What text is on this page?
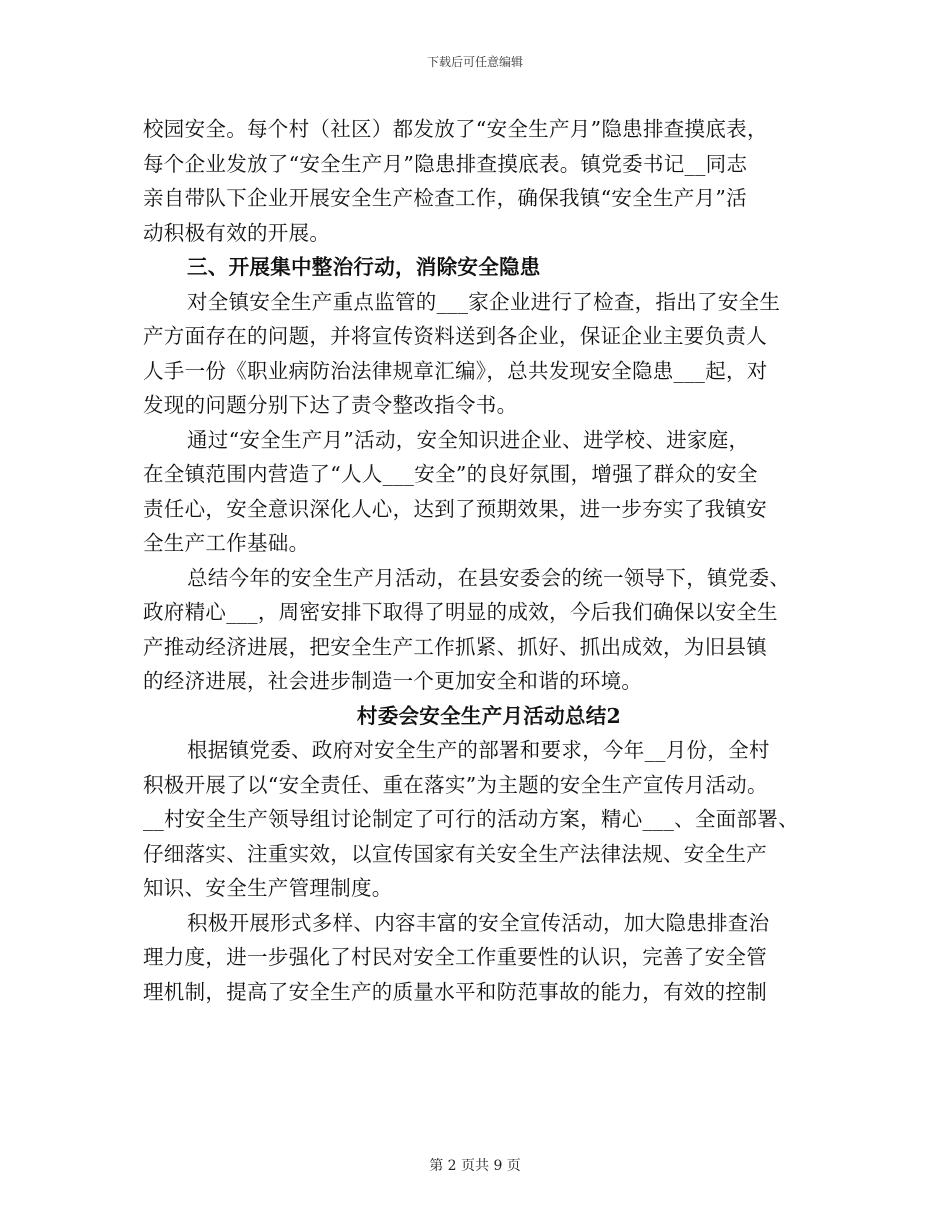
下载后可任意编辑
校园安全。每个村（社区）都发放了“安全生产月”隐患排查摸底表，
每个企业发放了“安全生产月”隐患排查摸底表。镇党委书记__同志
亲自带队下企业开展安全生产检查工作，确保我镇“安全生产月”活
动积极有效的开展。
三、开展集中整治行动，消除安全隐患
对全镇安全生产重点监管的___家企业进行了检查，指出了安全生
产方面存在的问题，并将宣传资料送到各企业，保证企业主要负责人
人手一份《职业病防治法律规章汇编》，总共发现安全隐患___起，对
发现的问题分别下达了责令整改指令书。
通过“安全生产月”活动，安全知识进企业、进学校、进家庭，
在全镇范围内营造了“人人___安全”的良好氛围，增强了群众的安全
责任心，安全意识深化人心，达到了预期效果，进一步夯实了我镇安
全生产工作基础。
总结今年的安全生产月活动，在县安委会的统一领导下，镇党委、
政府精心___，周密安排下取得了明显的成效，今后我们确保以安全生
产推动经济进展，把安全生产工作抓紧、抓好、抓出成效，为旧县镇
的经济进展，社会进步制造一个更加安全和谐的环境。
村委会安全生产月活动总结2
根据镇党委、政府对安全生产的部署和要求，今年__月份，全村
积极开展了以“安全责任、重在落实”为主题的安全生产宣传月活动。
__村安全生产领导组讨论制定了可行的活动方案，精心___、全面部署、
仔细落实、注重实效，以宣传国家有关安全生产法律法规、安全生产
知识、安全生产管理制度。
积极开展形式多样、内容丰富的安全宣传活动，加大隐患排查治
理力度，进一步强化了村民对安全工作重要性的认识，完善了安全管
理机制，提高了安全生产的质量水平和防范事故的能力，有效的控制
第 2 页共 9 页
